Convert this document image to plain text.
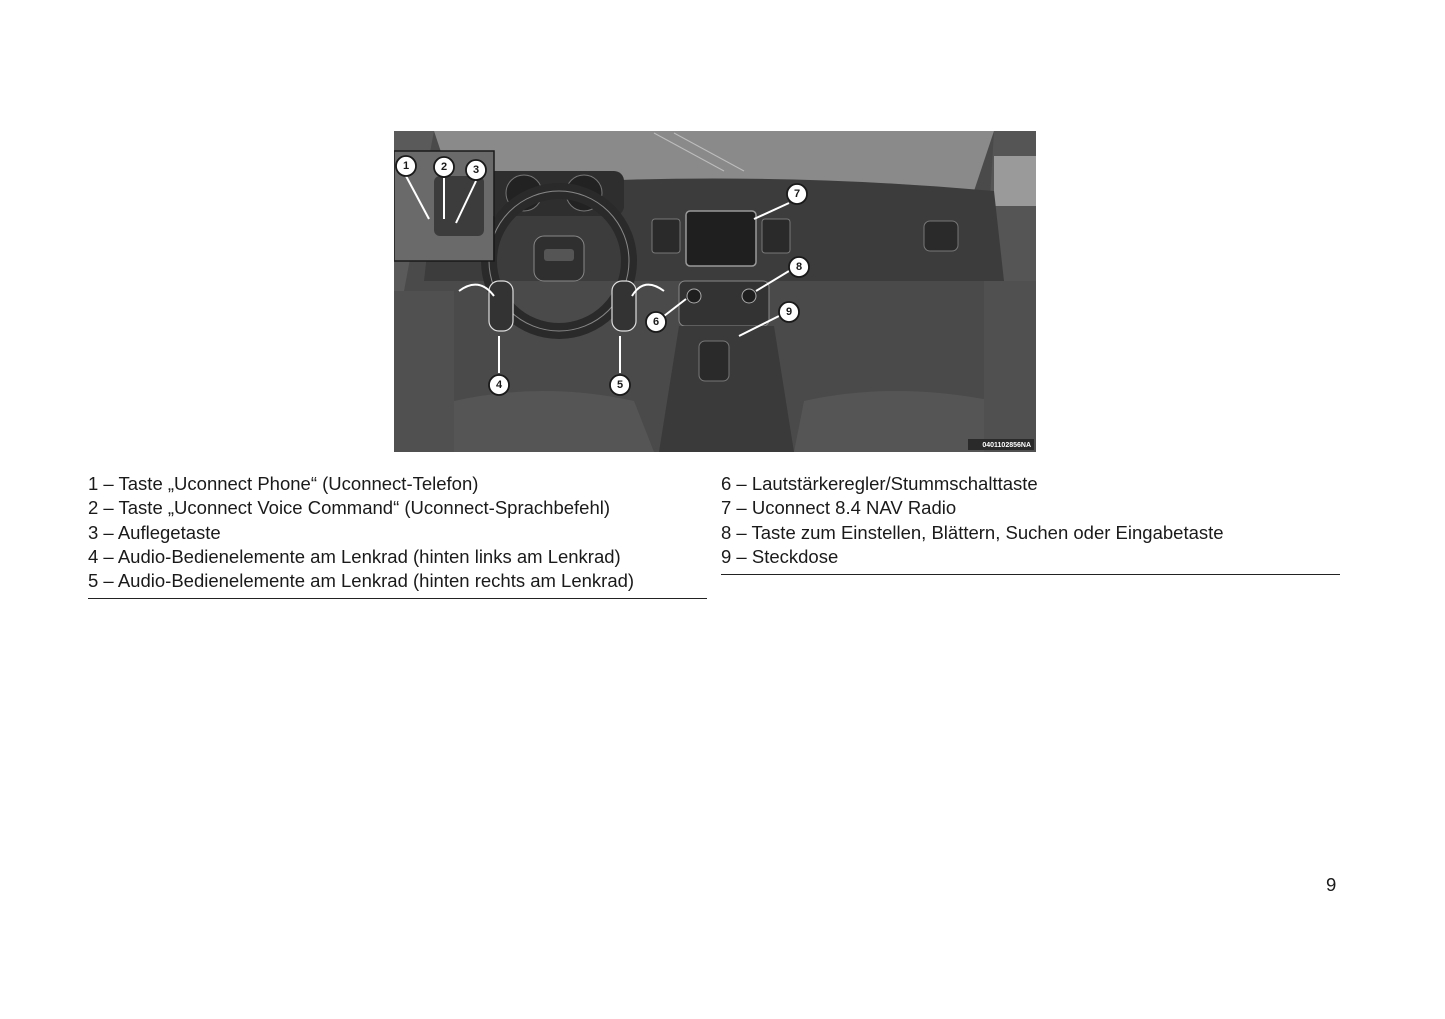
1	2 3
4	5
6
7
8
9
0401102856NA
1 – Taste „Uconnect Phone“ (Uconnect-Telefon)
2 – Taste „Uconnect Voice Command“ (Uconnect-Sprachbefehl)
3 – Auflegetaste
4 – Audio-Bedienelemente am Lenkrad (hinten links am Lenkrad)
5 – Audio-Bedienelemente am Lenkrad (hinten rechts am Lenkrad)
6 – Lautstärkeregler/Stummschalttaste
7 – Uconnect 8.4 NAV Radio
8 – Taste zum Einstellen, Blättern, Suchen oder Eingabetaste
9 – Steckdose
9
